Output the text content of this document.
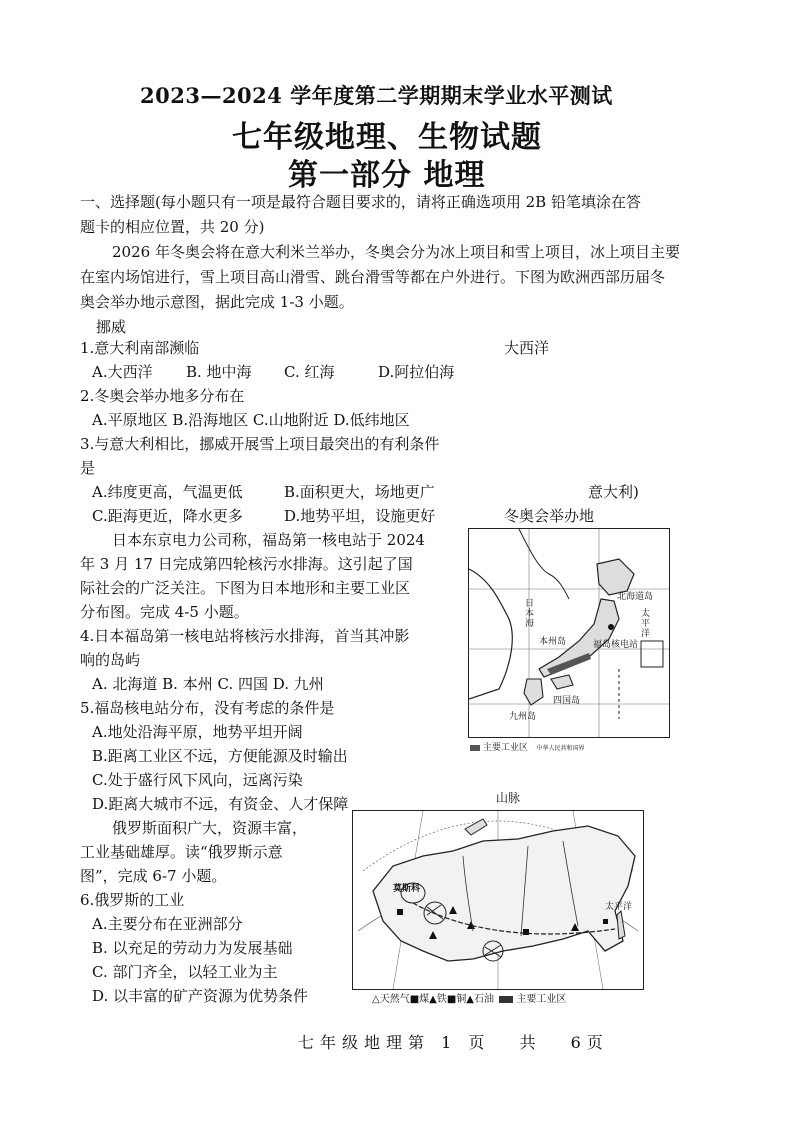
2023—2024 学年度第二学期期末学业水平测试
七年级地理、生物试题
第一部分 地理
一、选择题(每小题只有一项是最符合题目要求的，请将正确选项用 2B 铅笔填涂在答
题卡的相应位置，共 20 分)
2026 年冬奥会将在意大利米兰举办，冬奥会分为冰上项目和雪上项目，冰上项目主要
在室内场馆进行，雪上项目高山滑雪、跳台滑雪等都在户外进行。下图为欧洲西部历届冬
奥会举办地示意图，据此完成 1-3 小题。
挪威
1.意大利南部濒临	大西洋
A.大西洋 B. 地中海 C. 红海	D.阿拉伯海
2.冬奥会举办地多分布在
A.平原地区 B.沿海地区 C.山地附近 D.低纬地区
3.与意大利相比，挪威开展雪上项目最突出的有利条件
是
A.纬度更高，气温更低	B.面积更大，场地更广	意大利)
C.距海更近，降水更多	D.地势平坦，设施更好	冬奥会举办地
日本东京电力公司称，福岛第一核电站于 2024
年 3 月 17 日完成第四轮核污水排海。这引起了国
际社会的广泛关注。下图为日本地形和主要工业区
分布图。完成 4-5 小题。
4.日本福岛第一核电站将核污水排海，首当其冲影
响的岛屿
A. 北海道 B. 本州 C. 四国 D. 九州
5.福岛核电站分布，没有考虑的条件是
A.地处沿海平原，地势平坦开阔
B.距离工业区不远，方便能源及时输出
C.处于盛行风下风向，远离污染
D.距离大城市不远，有资金、人才保障
日本海
北海道岛
本州岛	福岛核电站
太平洋
四国岛
九州岛
主要工业区 中华人民共和国界
山脉
俄罗斯面积广大，资源丰富，
工业基础雄厚。读“俄罗斯示意
图”，完成 6-7 小题。
6.俄罗斯的工业
A.主要分布在亚洲部分
B. 以充足的劳动力为发展基础
C. 部门齐全，以轻工业为主
D. 以丰富的矿产资源为优势条件
莫斯科
太平洋
△天然气■煤▲铁■铜▲石油 主要工业区
七年级地理第 1 页 共 6页
